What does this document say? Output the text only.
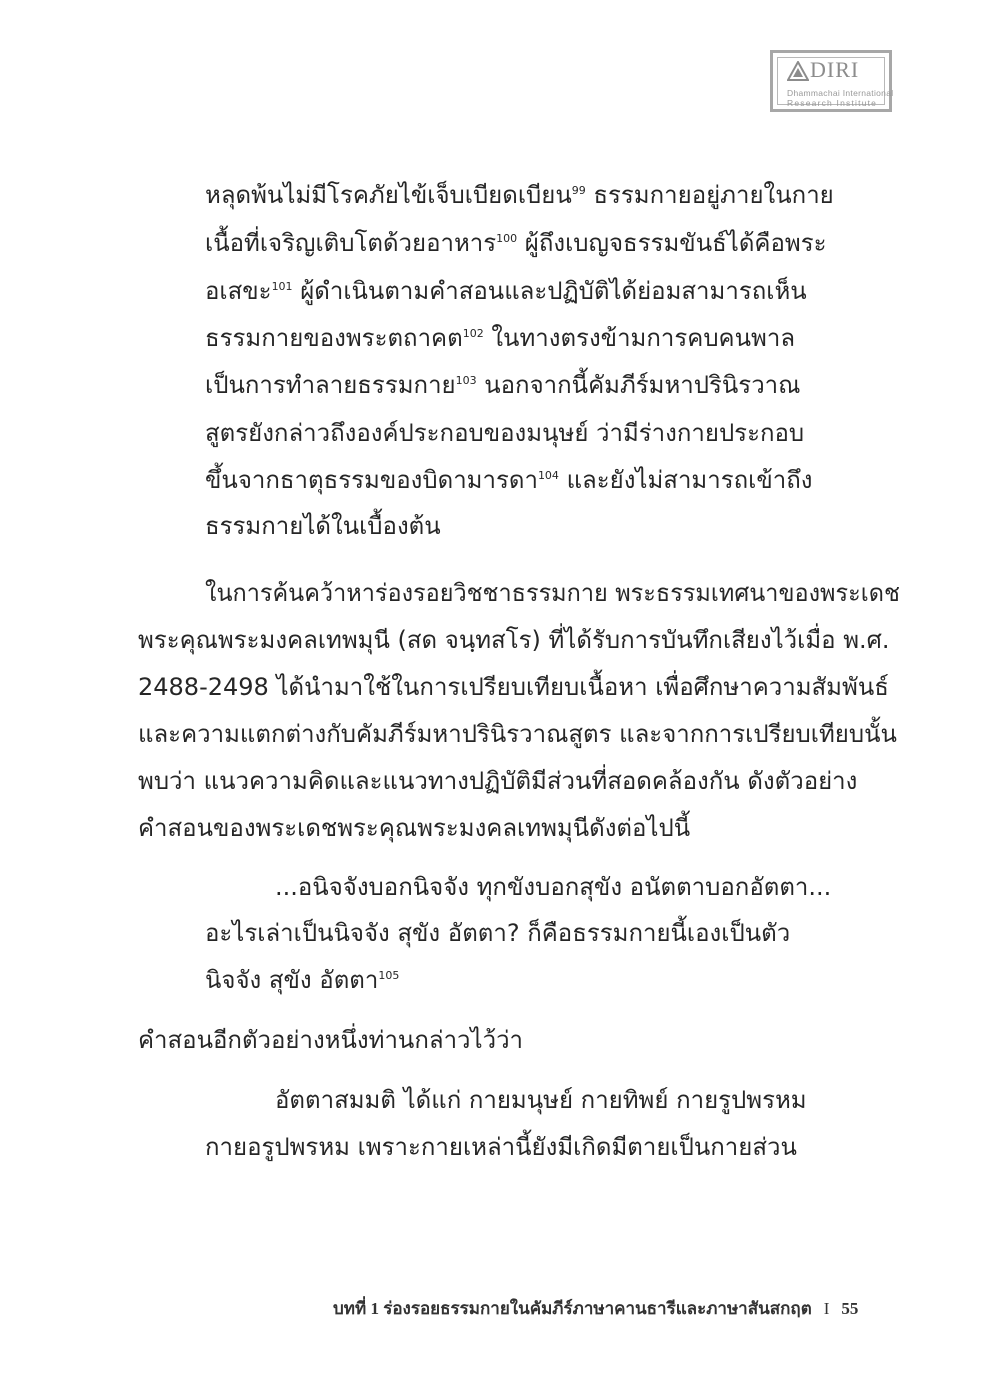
DIRI
Dhammachai International
Research Institute
หลุดพ้นไม่มีโรคภัยไข้เจ็บเบียดเบียน$^{99}$ ธรรมกายอยู่ภายในกาย
เนื้อที่เจริญเติบโตด้วยอาหาร$^{100}$ ผู้ถึงเบญจธรรมขันธ์ได้คือพระ
อเสขะ$^{101}$ ผู้ดำเนินตามคำสอนและปฏิบัติได้ย่อมสามารถเห็น
ธรรมกายของพระตถาคต$^{102}$ ในทางตรงข้ามการคบคนพาล
เป็นการทำลายธรรมกาย$^{103}$ นอกจากนี้คัมภีร์มหาปรินิรวาณ
สูตรยังกล่าวถึงองค์ประกอบของมนุษย์ ว่ามีร่างกายประกอบ
ขึ้นจากธาตุธรรมของบิดามารดา$^{104}$ และยังไม่สามารถเข้าถึง
ธรรมกายได้ในเบื้องต้น
ในการค้นคว้าหาร่องรอยวิชชาธรรมกาย พระธรรมเทศนาของพระเดช
พระคุณพระมงคลเทพมุนี (สด จนฺทสโร) ที่ได้รับการบันทึกเสียงไว้เมื่อ พ.ศ.
2488-2498 ได้นำมาใช้ในการเปรียบเทียบเนื้อหา เพื่อศึกษาความสัมพันธ์
และความแตกต่างกับคัมภีร์มหาปรินิรวาณสูตร และจากการเปรียบเทียบนั้น
พบว่า แนวความคิดและแนวทางปฏิบัติมีส่วนที่สอดคล้องกัน ดังตัวอย่าง
คำสอนของพระเดชพระคุณพระมงคลเทพมุนีดังต่อไปนี้
...อนิจจังบอกนิจจัง ทุกขังบอกสุขัง อนัตตาบอกอัตตา...
อะไรเล่าเป็นนิจจัง สุขัง อัตตา? ก็คือธรรมกายนี้เองเป็นตัว
นิจจัง สุขัง อัตตา$^{105}$
คำสอนอีกตัวอย่างหนึ่งท่านกล่าวไว้ว่า
อัตตาสมมติ ได้แก่ กายมนุษย์ กายทิพย์ กายรูปพรหม
กายอรูปพรหม เพราะกายเหล่านี้ยังมีเกิดมีตายเป็นกายส่วน
บทที่ 1 ร่องรอยธรรมกายในคัมภีร์ภาษาคานธารีและภาษาสันสกฤต I 55
